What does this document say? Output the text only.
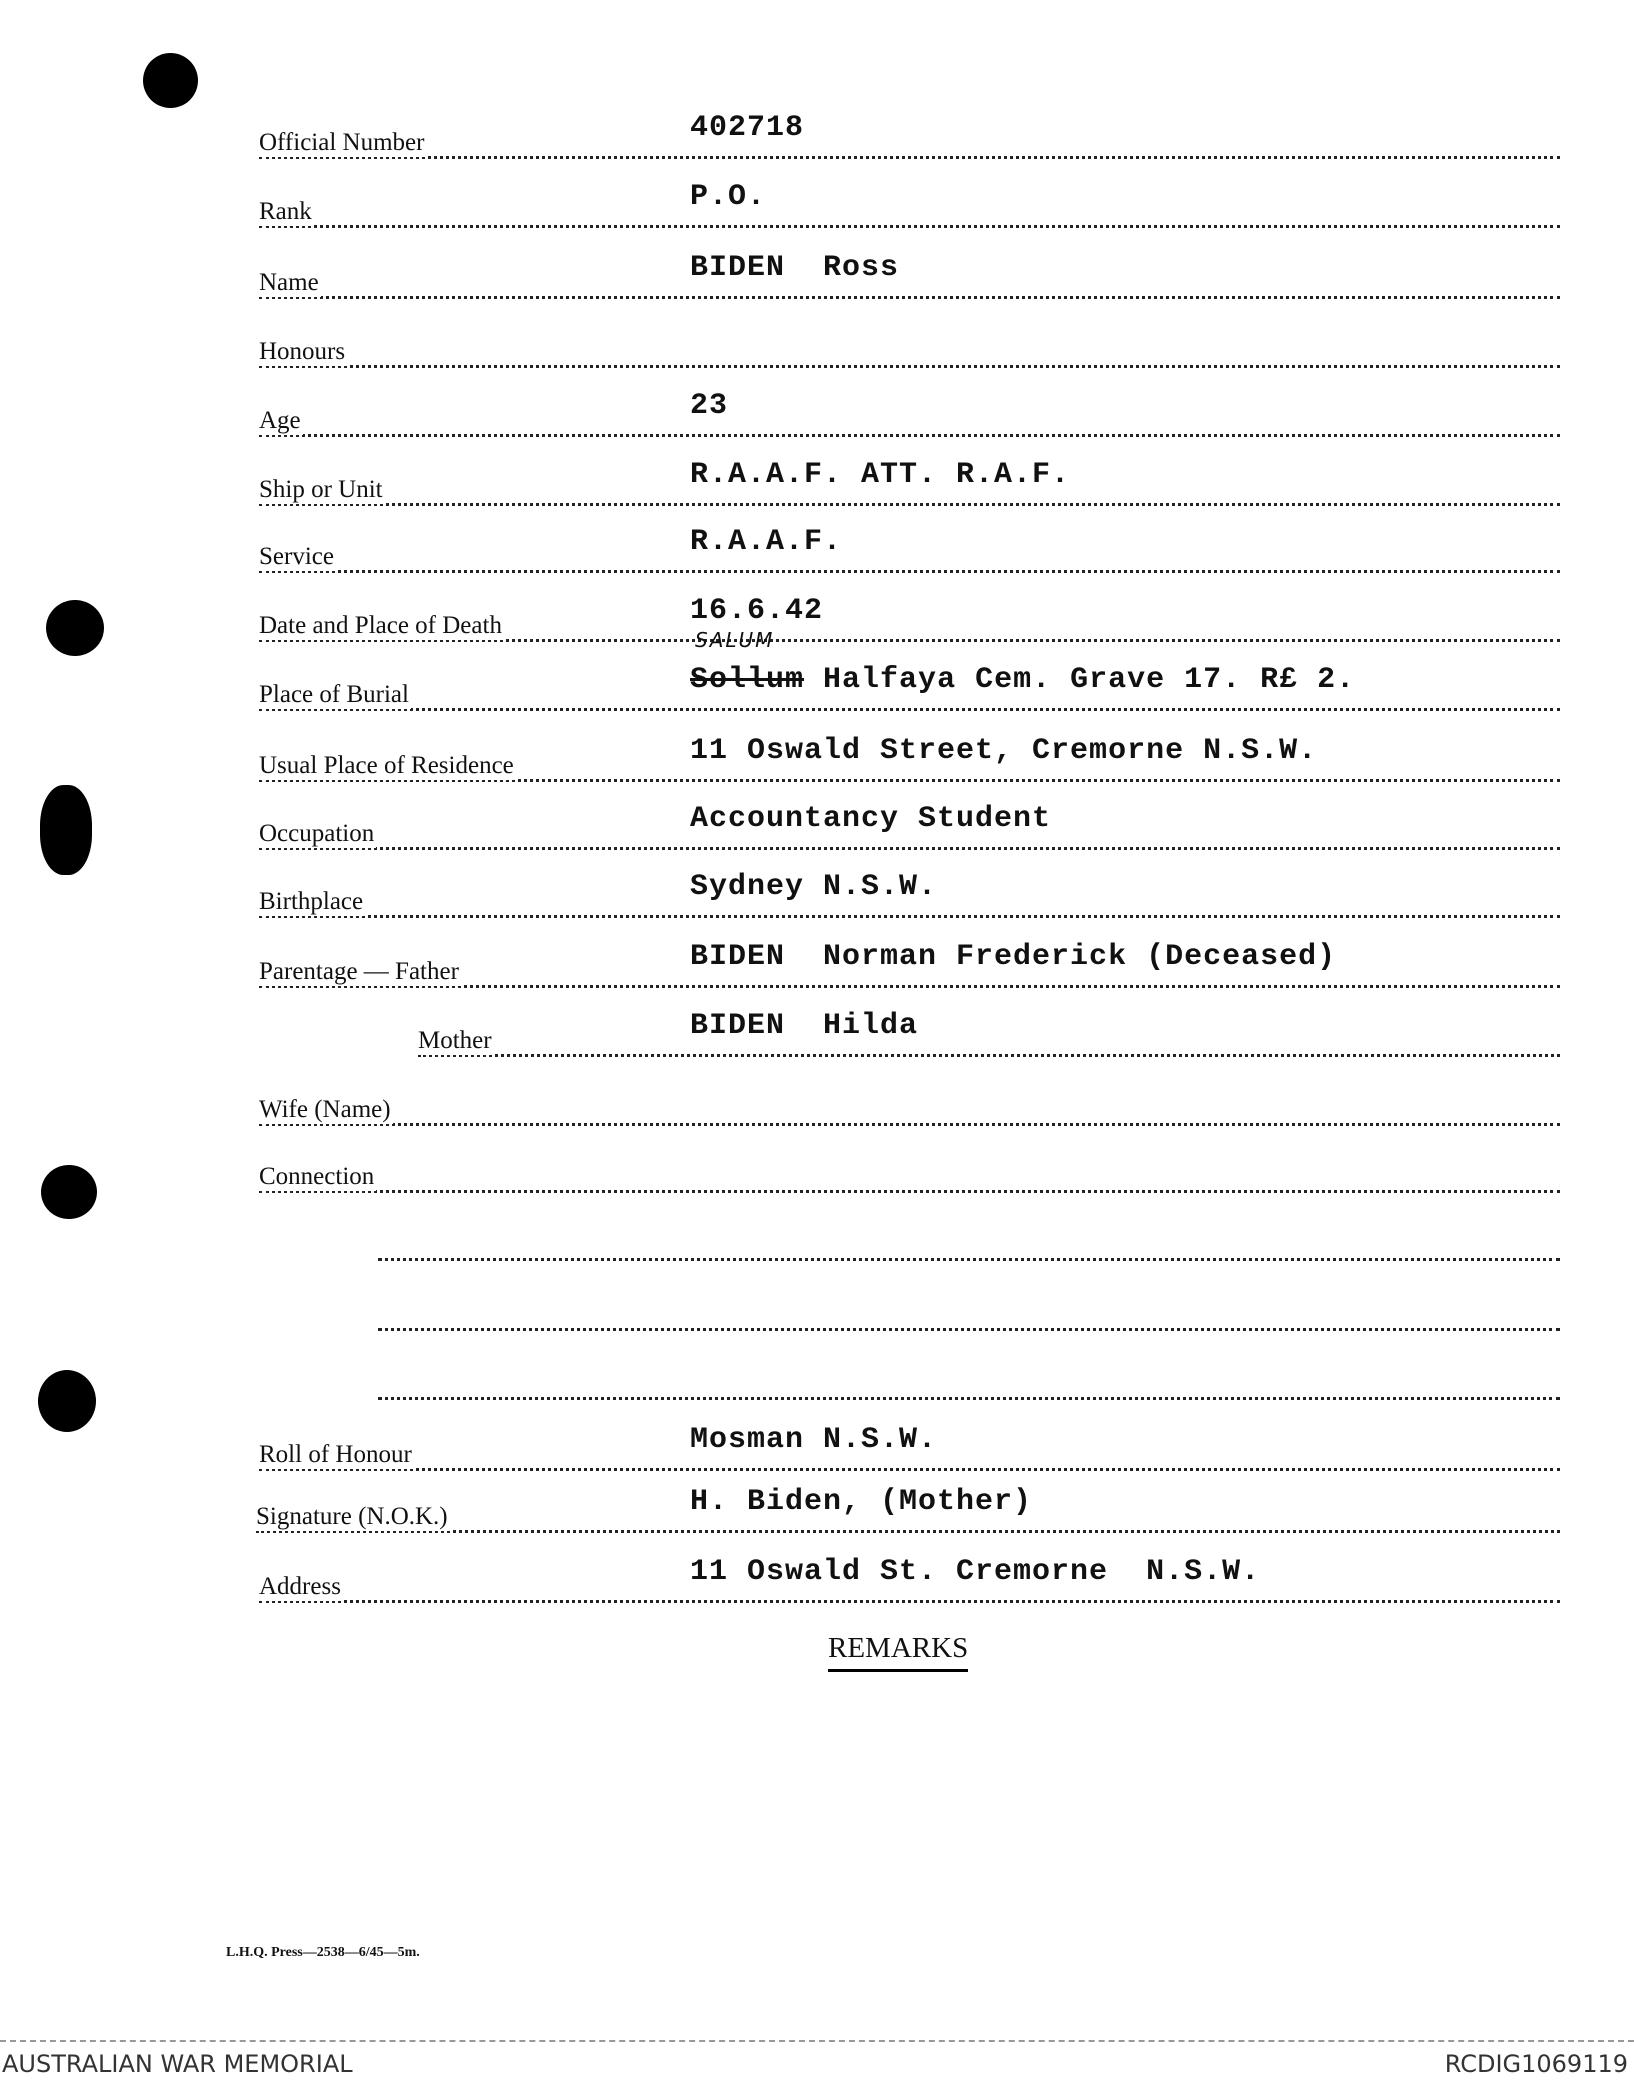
Official Number	402718
Rank	P.O.
Name	BIDEN  Ross
Honours
Age	23
Ship or Unit	R.A.A.F. ATT. R.A.F.
Service	R.A.A.F.
Date and Place of Death	16.6.42
Place of Burial	Sollum Halfaya Cem. Grave 17. R£ 2.
SALUM
Usual Place of Residence	11 Oswald Street, Cremorne N.S.W.
Occupation	Accountancy Student
Birthplace	Sydney N.S.W.
Parentage — Father	BIDEN  Norman Frederick (Deceased)
Mother	BIDEN  Hilda
Wife (Name)
Connection
Roll of Honour	Mosman N.S.W.
Signature (N.O.K.)	H. Biden, (Mother)
Address	11 Oswald St. Cremorne  N.S.W.
REMARKS
L.H.Q. Press—2538—6/45—5m.
AUSTRALIAN WAR MEMORIAL	RCDIG1069119
